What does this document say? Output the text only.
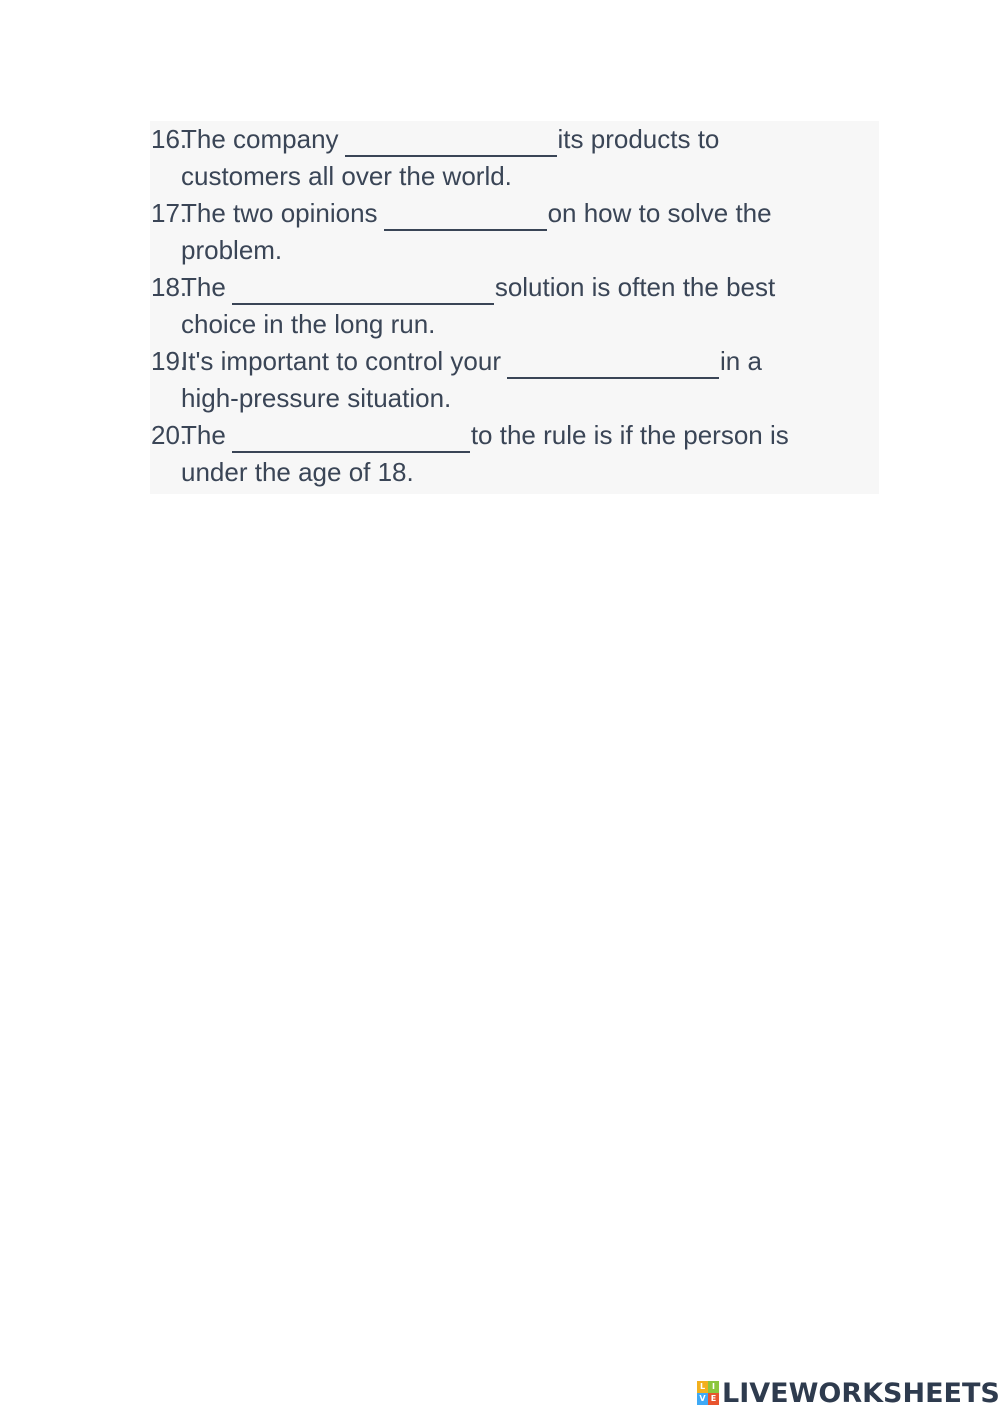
16.
The company	its products to
customers all over the world.
17.
The two opinions	on how to solve the
problem.
18.
The	solution is often the best
choice in the long run.
19.
It's important to control your	in a
high-pressure situation.
20.
The	to the rule is if the person is
under the age of 18.
L I
V E LIVEWORKSHEETS
